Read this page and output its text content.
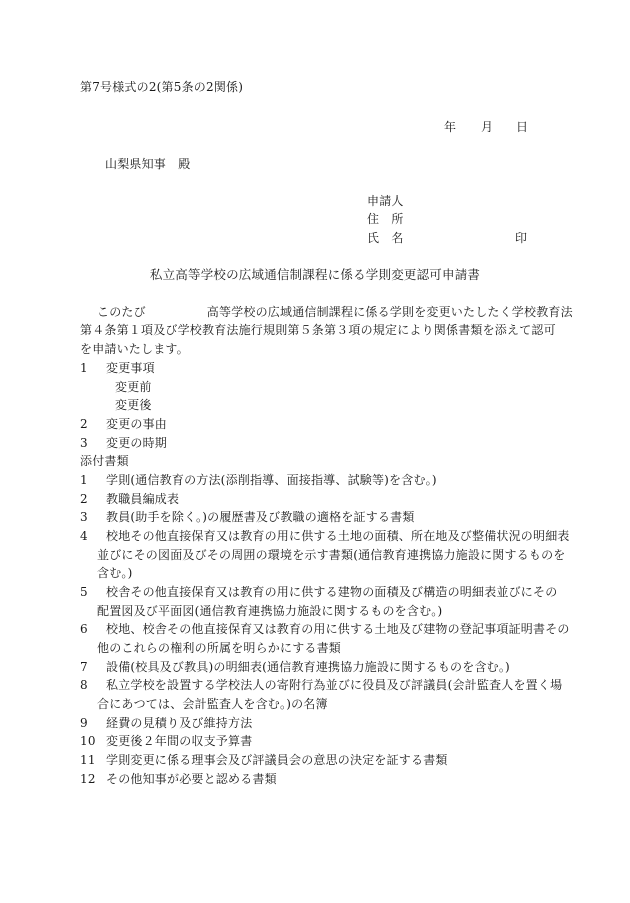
第7号様式の2(第5条の2関係)
年 月 日
山梨県知事　殿
申請人
住　所
氏　名	印
私立高等学校の広域通信制課程に係る学則変更認可申請書
このたび　　　　　高等学校の広域通信制課程に係る学則を変更いたしたく学校教育法
第４条第１項及び学校教育法施行規則第５条第３項の規定により関係書類を添えて認可
を申請いたします。
1 変更事項
変更前
変更後
2 変更の事由
3 変更の時期
添付書類
1 学則(通信教育の方法(添削指導、面接指導、試験等)を含む。)
2 教職員編成表
3 教員(助手を除く。)の履歴書及び教職の適格を証する書類
4 校地その他直接保育又は教育の用に供する土地の面積、所在地及び整備状況の明細表
並びにその図面及びその周囲の環境を示す書類(通信教育連携協力施設に関するものを
含む。)
5 校舎その他直接保育又は教育の用に供する建物の面積及び構造の明細表並びにその
配置図及び平面図(通信教育連携協力施設に関するものを含む。)
6 校地、校舎その他直接保育又は教育の用に供する土地及び建物の登記事項証明書その
他のこれらの権利の所属を明らかにする書類
7 設備(校具及び教具)の明細表(通信教育連携協力施設に関するものを含む。)
8 私立学校を設置する学校法人の寄附行為並びに役員及び評議員(会計監査人を置く場
合にあつては、会計監査人を含む。)の名簿
9 経費の見積り及び維持方法
10 変更後２年間の収支予算書
11 学則変更に係る理事会及び評議員会の意思の決定を証する書類
12 その他知事が必要と認める書類
